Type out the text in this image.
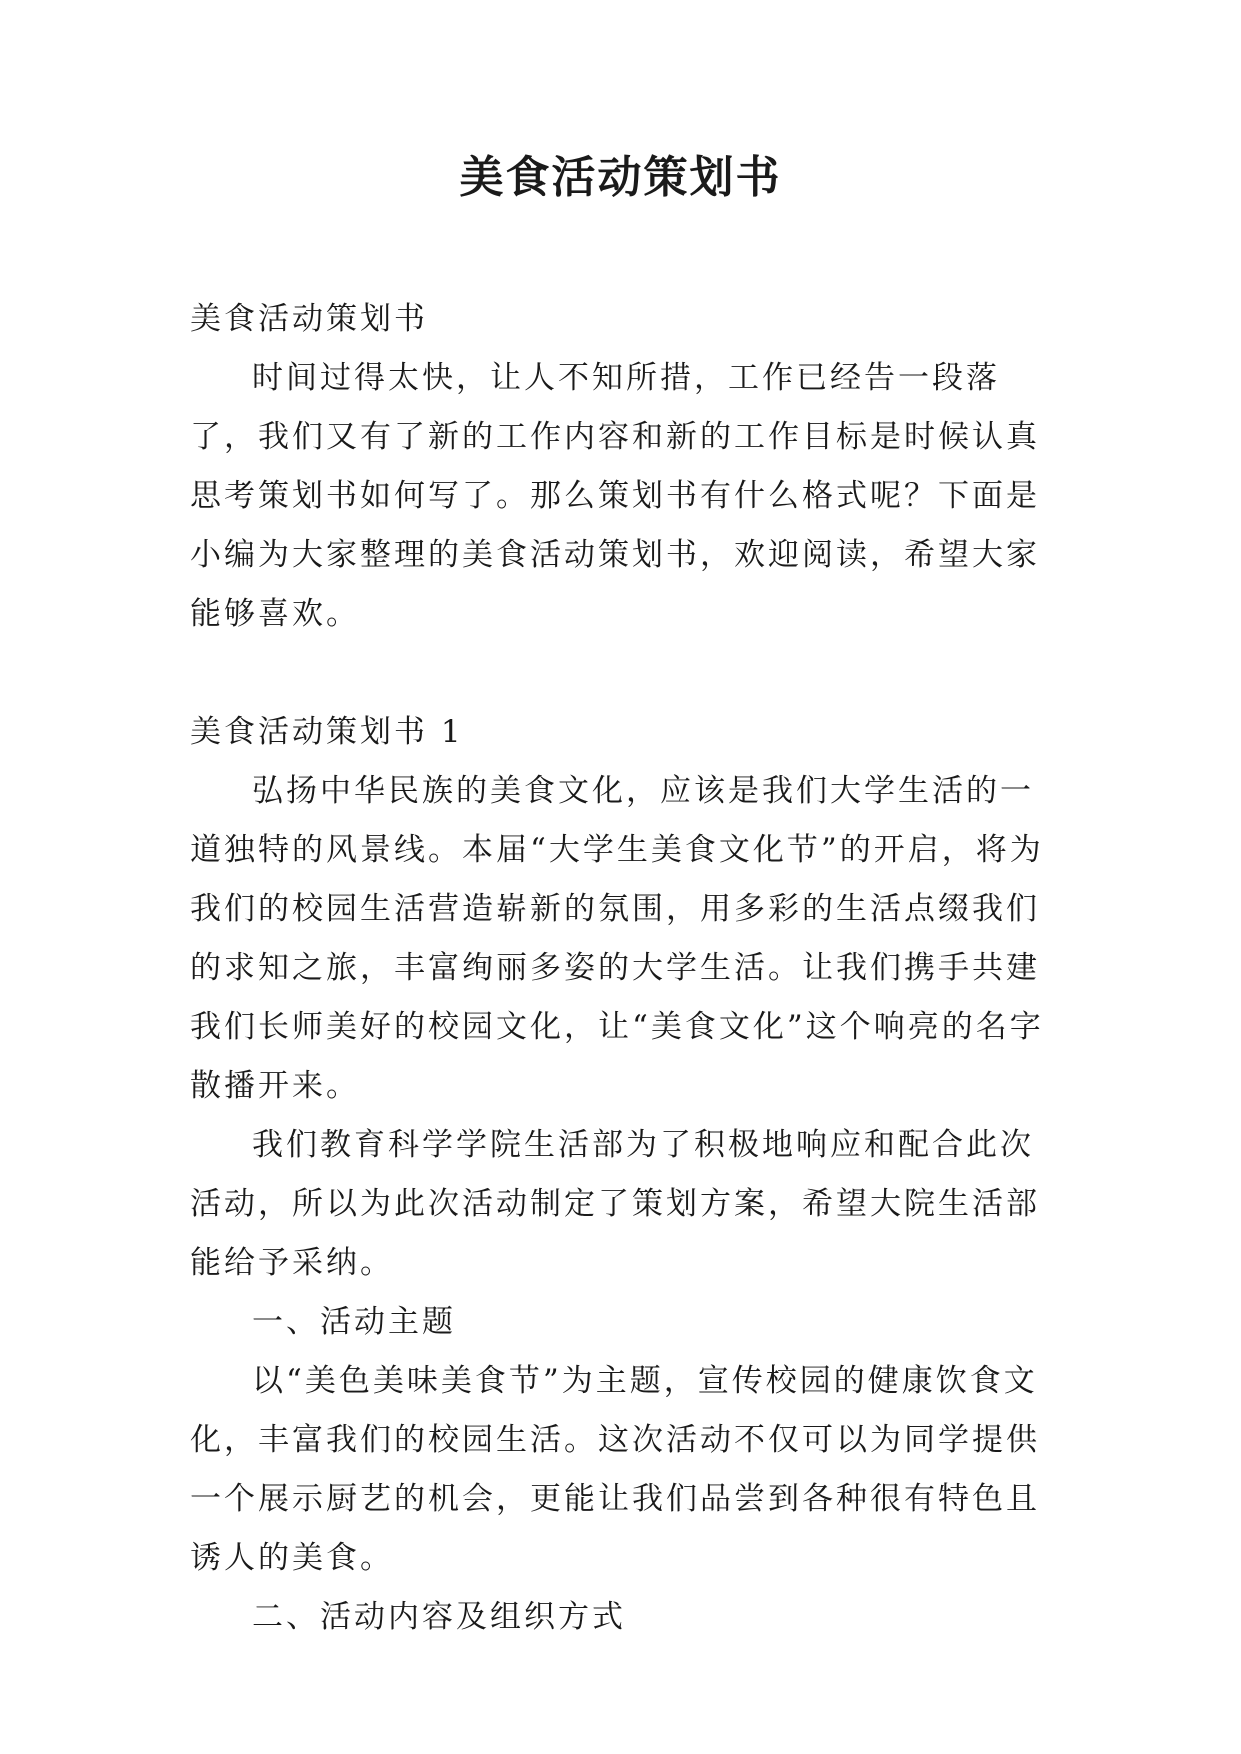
美食活动策划书

美食活动策划书

时间过得太快，让人不知所措，工作已经告一段落了，我们又有了新的工作内容和新的工作目标是时候认真思考策划书如何写了。那么策划书有什么格式呢？下面是小编为大家整理的美食活动策划书，欢迎阅读，希望大家能够喜欢。

美食活动策划书 1

弘扬中华民族的美食文化，应该是我们大学生活的一道独特的风景线。本届“大学生美食文化节”的开启，将为我们的校园生活营造崭新的氛围，用多彩的生活点缀我们的求知之旅，丰富绚丽多姿的大学生活。让我们携手共建我们长师美好的校园文化，让“美食文化”这个响亮的名字散播开来。

我们教育科学学院生活部为了积极地响应和配合此次活动，所以为此次活动制定了策划方案，希望大院生活部能给予采纳。

一、活动主题

以“美色美味美食节”为主题，宣传校园的健康饮食文化，丰富我们的校园生活。这次活动不仅可以为同学提供一个展示厨艺的机会，更能让我们品尝到各种很有特色且诱人的美食。

二、活动内容及组织方式
